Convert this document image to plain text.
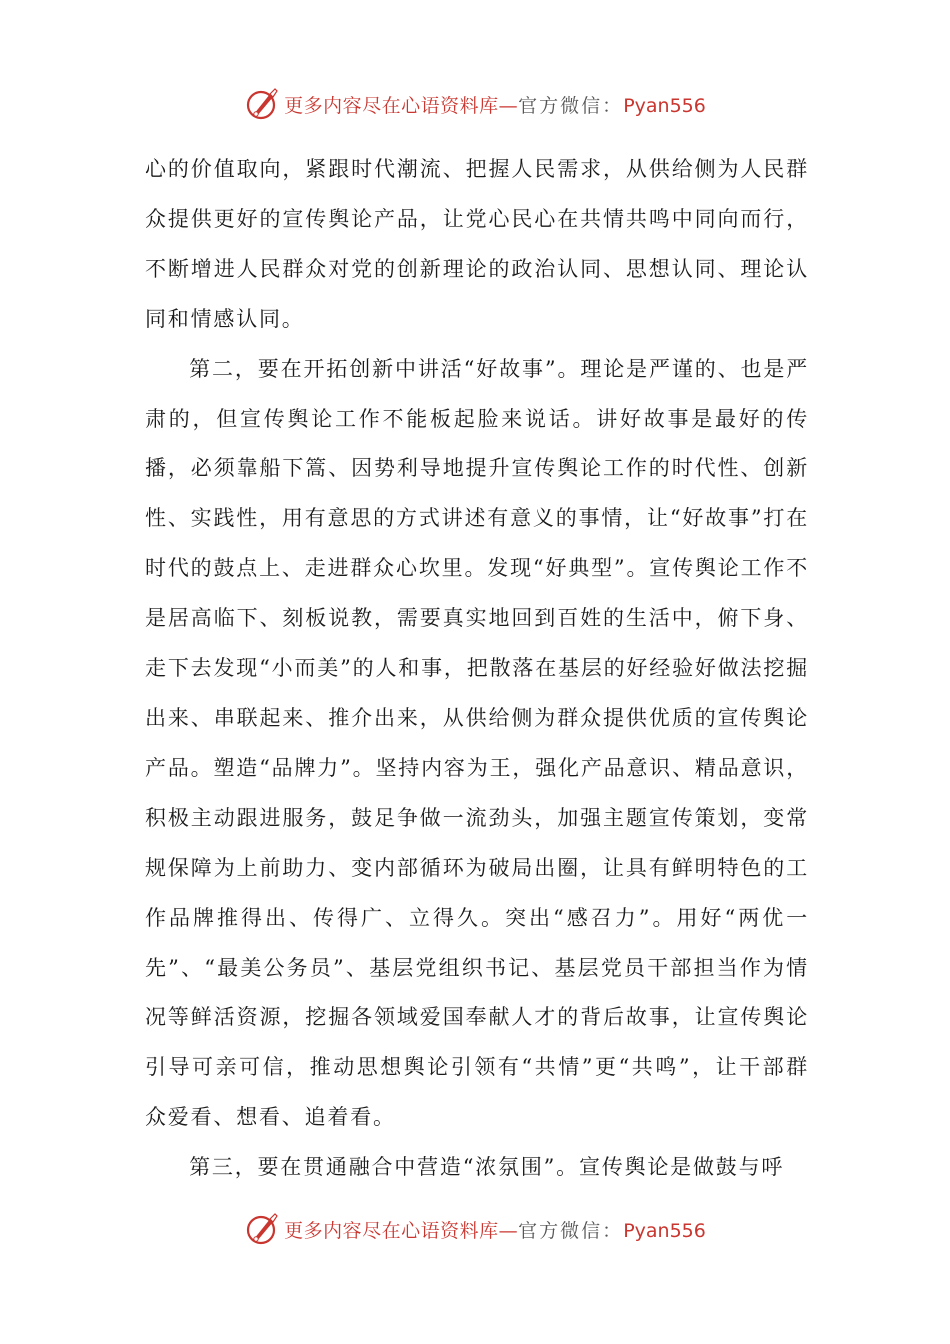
更多内容尽在心语资料库—官方微信：Pyan556

心的价值取向，紧跟时代潮流、把握人民需求，从供给侧为人民群众提供更好的宣传舆论产品，让党心民心在共情共鸣中同向而行，不断增进人民群众对党的创新理论的政治认同、思想认同、理论认同和情感认同。

第二，要在开拓创新中讲活“好故事”。理论是严谨的、也是严肃的，但宣传舆论工作不能板起脸来说话。讲好故事是最好的传播，必须靠船下篙、因势利导地提升宣传舆论工作的时代性、创新性、实践性，用有意思的方式讲述有意义的事情，让“好故事”打在时代的鼓点上、走进群众心坎里。发现“好典型”。宣传舆论工作不是居高临下、刻板说教，需要真实地回到百姓的生活中，俯下身、走下去发现“小而美”的人和事，把散落在基层的好经验好做法挖掘出来、串联起来、推介出来，从供给侧为群众提供优质的宣传舆论产品。塑造“品牌力”。坚持内容为王，强化产品意识、精品意识，积极主动跟进服务，鼓足争做一流劲头，加强主题宣传策划，变常规保障为上前助力、变内部循环为破局出圈，让具有鲜明特色的工作品牌推得出、传得广、立得久。突出“感召力”。用好“两优一先”、“最美公务员”、基层党组织书记、基层党员干部担当作为情况等鲜活资源，挖掘各领域爱国奉献人才的背后故事，让宣传舆论引导可亲可信，推动思想舆论引领有“共情”更“共鸣”，让干部群众爱看、想看、追着看。

第三，要在贯通融合中营造“浓氛围”。宣传舆论是做鼓与呼

更多内容尽在心语资料库—官方微信：Pyan556
